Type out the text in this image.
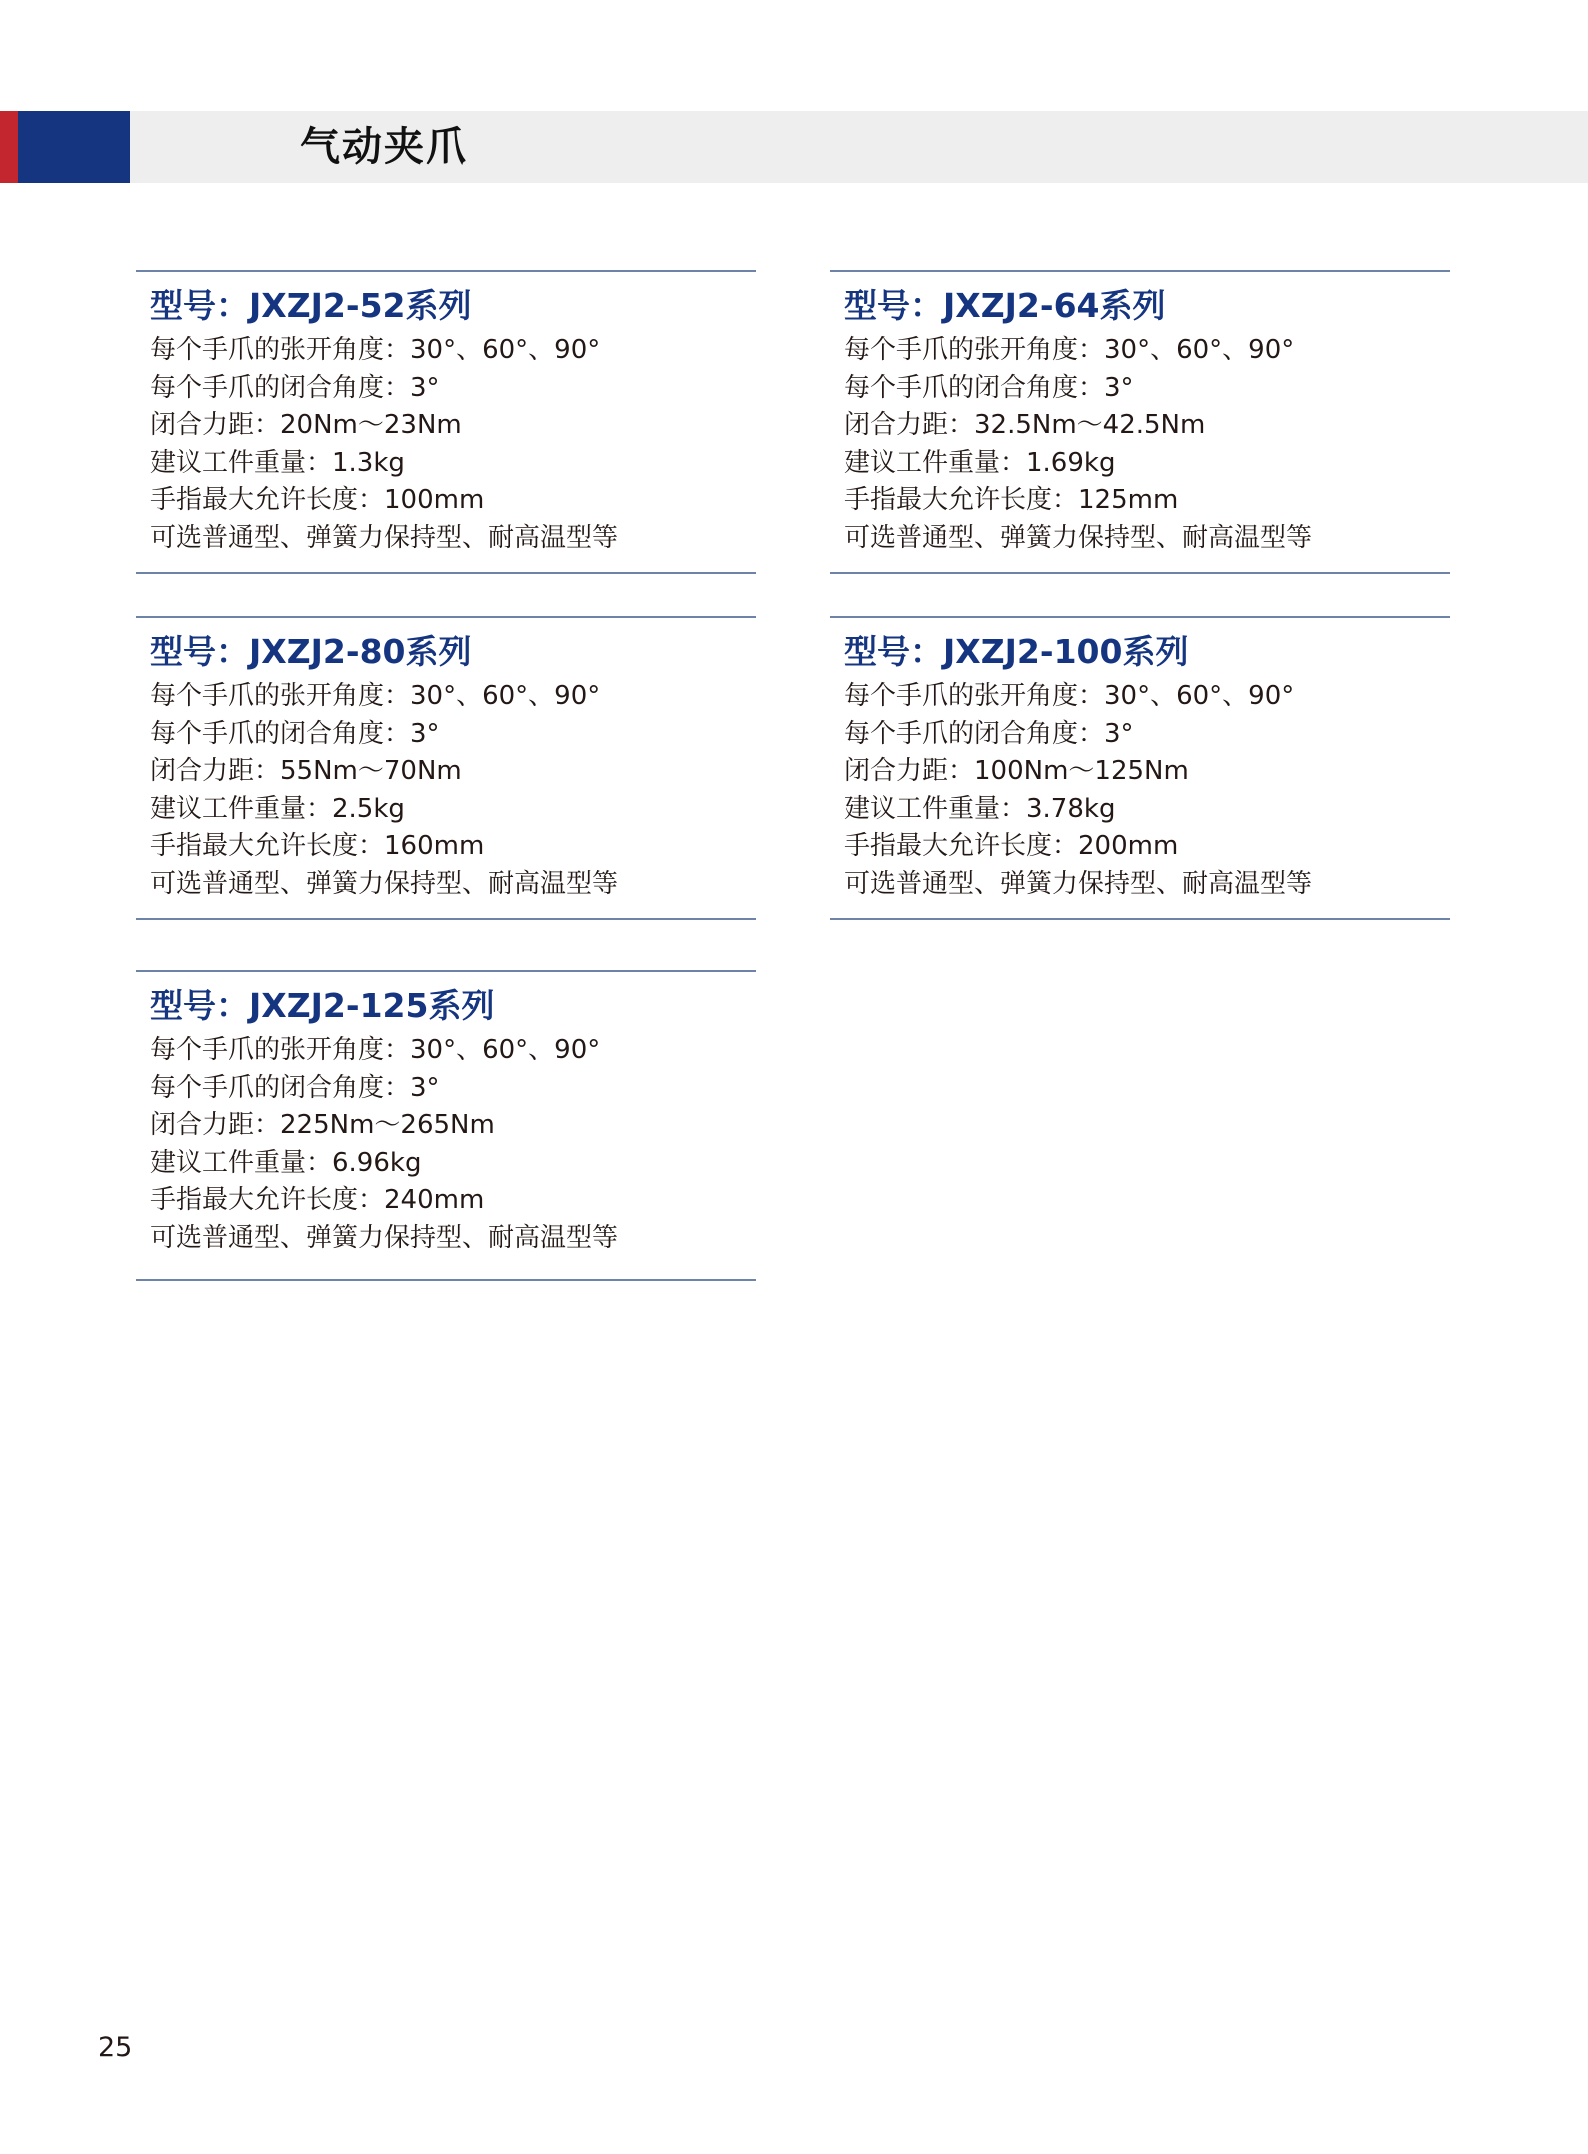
气动夹爪
型号：JXZJ2-52系列
每个手爪的张开角度：30°、60°、90°
每个手爪的闭合角度：3°
闭合力距：20Nm～23Nm
建议工件重量：1.3kg
手指最大允许长度：100mm
可选普通型、弹簧力保持型、耐高温型等
型号：JXZJ2-64系列
每个手爪的张开角度：30°、60°、90°
每个手爪的闭合角度：3°
闭合力距：32.5Nm～42.5Nm
建议工件重量：1.69kg
手指最大允许长度：125mm
可选普通型、弹簧力保持型、耐高温型等
型号：JXZJ2-80系列
每个手爪的张开角度：30°、60°、90°
每个手爪的闭合角度：3°
闭合力距：55Nm～70Nm
建议工件重量：2.5kg
手指最大允许长度：160mm
可选普通型、弹簧力保持型、耐高温型等
型号：JXZJ2-100系列
每个手爪的张开角度：30°、60°、90°
每个手爪的闭合角度：3°
闭合力距：100Nm～125Nm
建议工件重量：3.78kg
手指最大允许长度：200mm
可选普通型、弹簧力保持型、耐高温型等
型号：JXZJ2-125系列
每个手爪的张开角度：30°、60°、90°
每个手爪的闭合角度：3°
闭合力距：225Nm～265Nm
建议工件重量：6.96kg
手指最大允许长度：240mm
可选普通型、弹簧力保持型、耐高温型等
25
